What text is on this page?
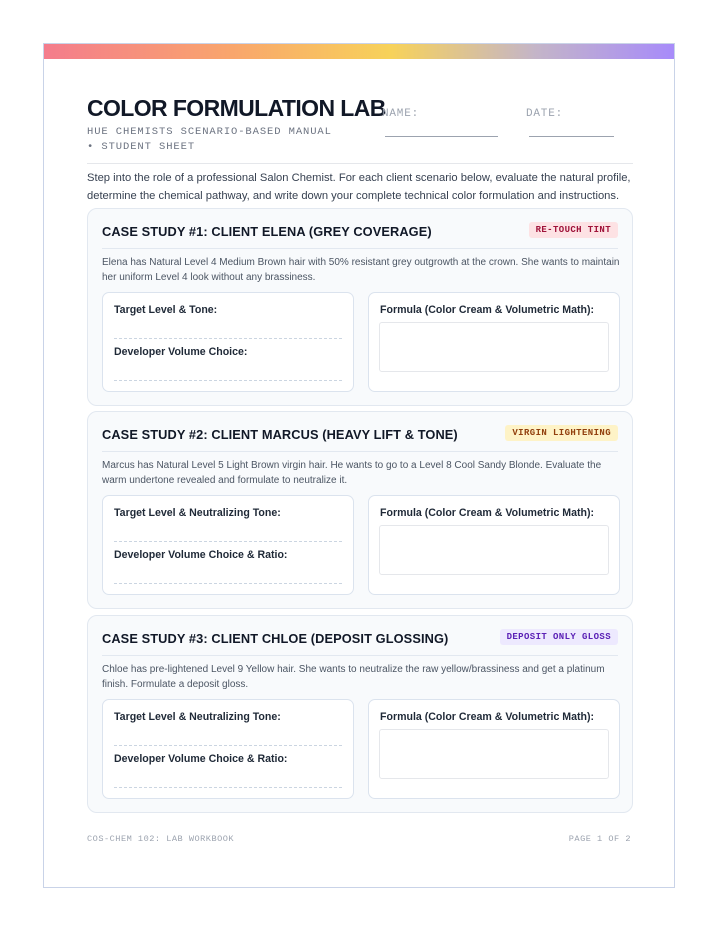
COLOR FORMULATION LAB
HUE CHEMISTS SCENARIO-BASED MANUAL • STUDENT SHEET
NAME:	DATE:
Step into the role of a professional Salon Chemist. For each client scenario below, evaluate the natural profile, determine the chemical pathway, and write down your complete technical color formulation and instructions.
CASE STUDY #1: CLIENT ELENA (GREY COVERAGE)	RE-TOUCH TINT
Elena has Natural Level 4 Medium Brown hair with 50% resistant grey outgrowth at the crown. She wants to maintain her uniform Level 4 look without any brassiness.
Target Level & Tone:
Developer Volume Choice:
Formula (Color Cream & Volumetric Math):
CASE STUDY #2: CLIENT MARCUS (HEAVY LIFT & TONE)	VIRGIN LIGHTENING
Marcus has Natural Level 5 Light Brown virgin hair. He wants to go to a Level 8 Cool Sandy Blonde. Evaluate the warm undertone revealed and formulate to neutralize it.
Target Level & Neutralizing Tone:
Developer Volume Choice & Ratio:
Formula (Color Cream & Volumetric Math):
CASE STUDY #3: CLIENT CHLOE (DEPOSIT GLOSSING)	DEPOSIT ONLY GLOSS
Chloe has pre-lightened Level 9 Yellow hair. She wants to neutralize the raw yellow/brassiness and get a platinum finish. Formulate a deposit gloss.
Target Level & Neutralizing Tone:
Developer Volume Choice & Ratio:
Formula (Color Cream & Volumetric Math):
COS-CHEM 102: LAB WORKBOOK	PAGE 1 OF 2
